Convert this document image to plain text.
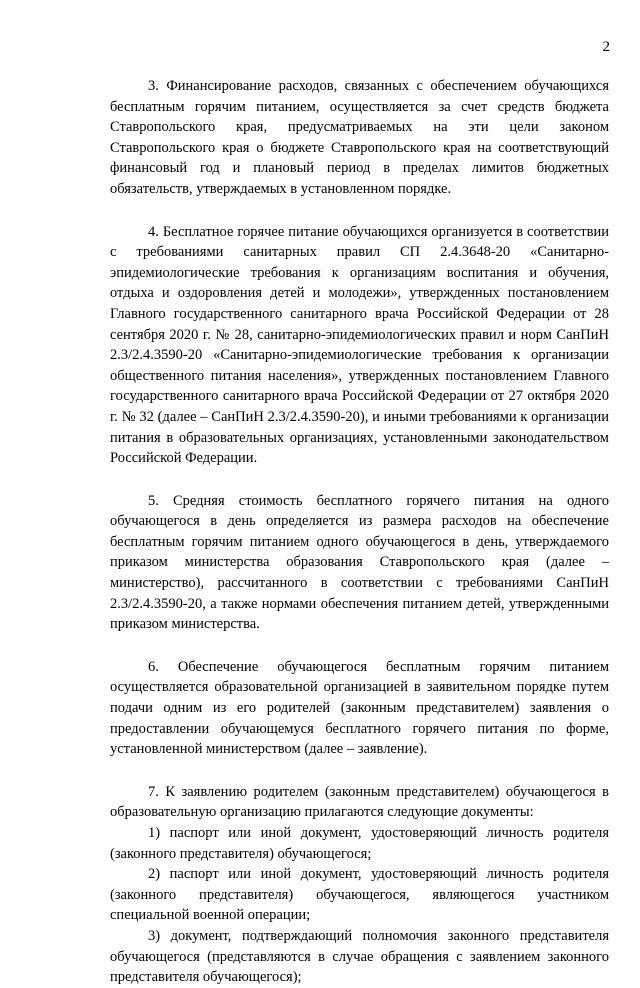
2

3. Финансирование расходов, связанных с обеспечением обучающихся бесплатным горячим питанием, осуществляется за счет средств бюджета Ставропольского края, предусматриваемых на эти цели законом Ставропольского края о бюджете Ставропольского края на соответствующий финансовый год и плановый период в пределах лимитов бюджетных обязательств, утверждаемых в установленном порядке.

4. Бесплатное горячее питание обучающихся организуется в соответствии с требованиями санитарных правил СП 2.4.3648-20 «Санитарно-эпидемиологические требования к организациям воспитания и обучения, отдыха и оздоровления детей и молодежи», утвержденных постановлением Главного государственного санитарного врача Российской Федерации от 28 сентября 2020 г. № 28, санитарно-эпидемиологических правил и норм СанПиН 2.3/2.4.3590-20 «Санитарно-эпидемиологические требования к организации общественного питания населения», утвержденных постановлением Главного государственного санитарного врача Российской Федерации от 27 октября 2020 г. № 32 (далее – СанПиН 2.3/2.4.3590-20), и иными требованиями к организации питания в образовательных организациях, установленными законодательством Российской Федерации.

5. Средняя стоимость бесплатного горячего питания на одного обучающегося в день определяется из размера расходов на обеспечение бесплатным горячим питанием одного обучающегося в день, утверждаемого приказом министерства образования Ставропольского края (далее – министерство), рассчитанного в соответствии с требованиями СанПиН 2.3/2.4.3590-20, а также нормами обеспечения питанием детей, утвержденными приказом министерства.

6. Обеспечение обучающегося бесплатным горячим питанием осуществляется образовательной организацией в заявительном порядке путем подачи одним из его родителей (законным представителем) заявления о предоставлении обучающемуся бесплатного горячего питания по форме, установленной министерством (далее – заявление).

7. К заявлению родителем (законным представителем) обучающегося в образовательную организацию прилагаются следующие документы:

1) паспорт или иной документ, удостоверяющий личность родителя (законного представителя) обучающегося;

2) паспорт или иной документ, удостоверяющий личность родителя (законного представителя) обучающегося, являющегося участником специальной военной операции;

3) документ, подтверждающий полномочия законного представителя обучающегося (представляются в случае обращения с заявлением законного представителя обучающегося);
